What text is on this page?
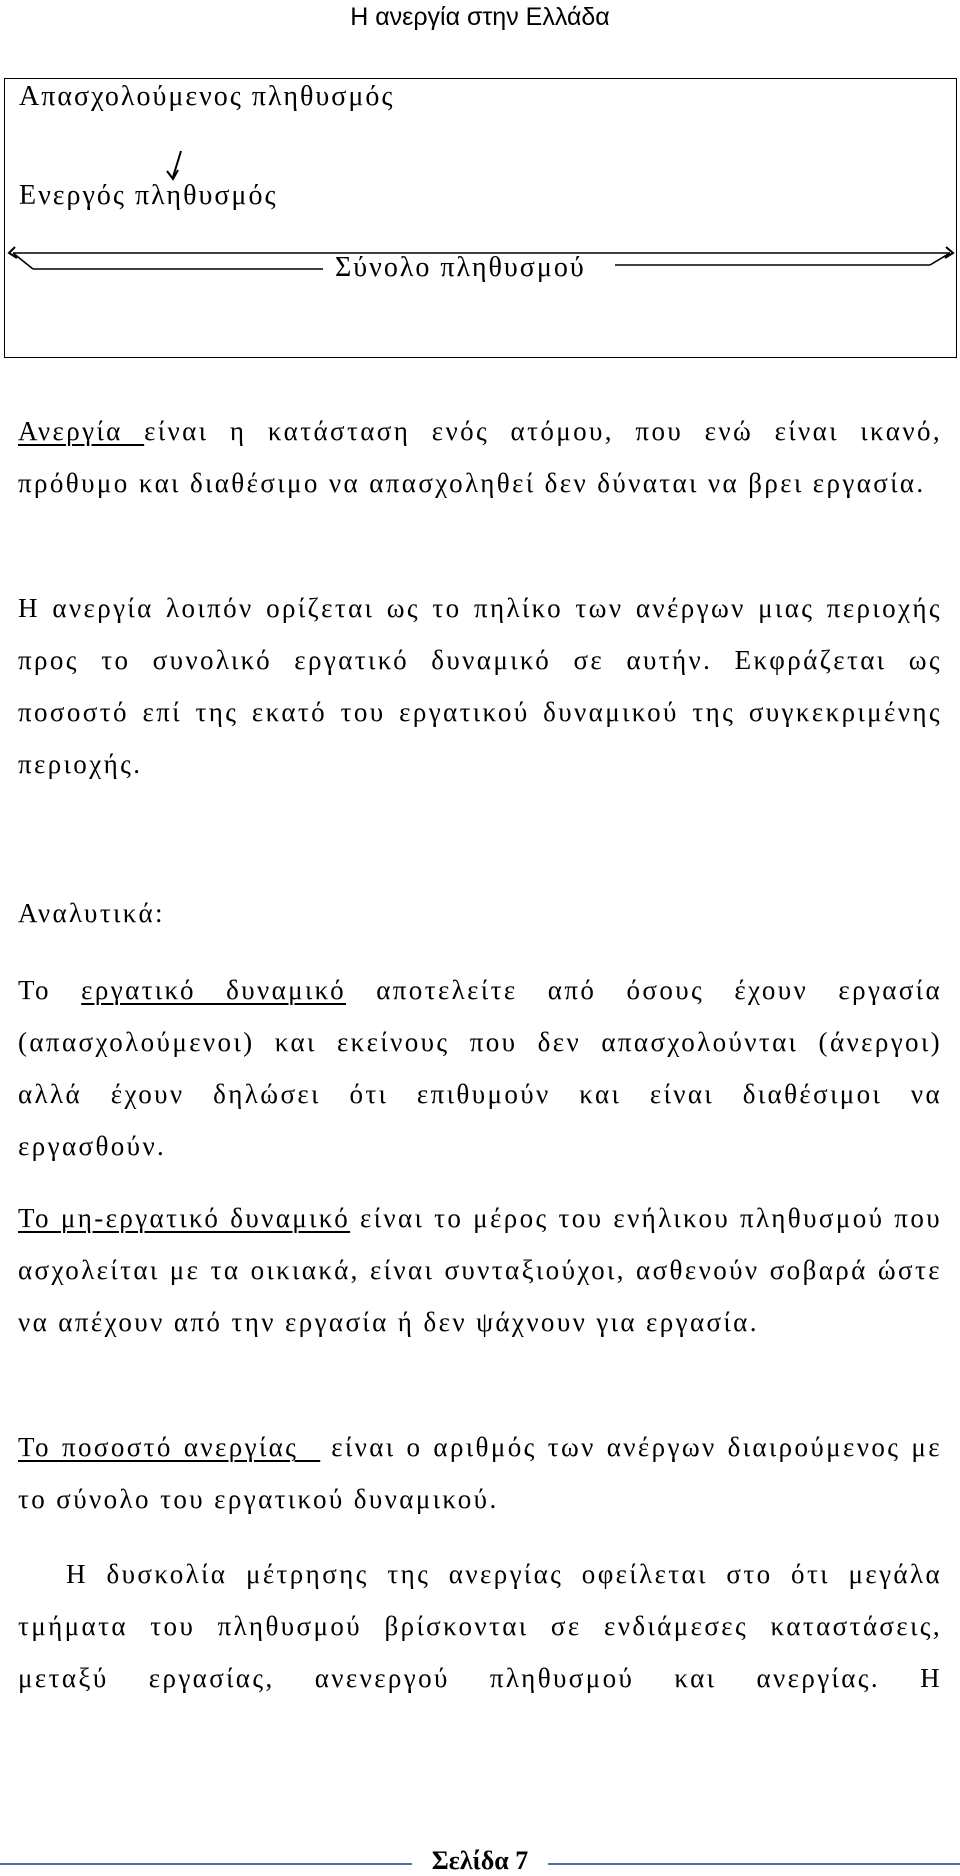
Η ανεργία στην Ελλάδα
Απασχολούμενος πληθυσμός
Ενεργός πληθυσμός
Σύνολο πληθυσμού

Ανεργία είναι η κατάσταση ενός ατόμου, που ενώ είναι ικανό, πρόθυμο και διαθέσιμο να απασχοληθεί δεν δύναται να βρει εργασία.

Η ανεργία λοιπόν ορίζεται ως το πηλίκο των ανέργων μιας περιοχής προς το συνολικό εργατικό δυναμικό σε αυτήν. Εκφράζεται ως ποσοστό επί της εκατό του εργατικού δυναμικού της συγκεκριμένης περιοχής.

Αναλυτικά:

Το εργατικό δυναμικό αποτελείτε από όσους έχουν εργασία (απασχολούμενοι) και εκείνους που δεν απασχολούνται (άνεργοι) αλλά έχουν δηλώσει ότι επιθυμούν και είναι διαθέσιμοι να εργασθούν.

Το μη-εργατικό δυναμικό είναι το μέρος του ενήλικου πληθυσμού που ασχολείται με τα οικιακά, είναι συνταξιούχοι, ασθενούν σοβαρά ώστε να απέχουν από την εργασία ή δεν ψάχνουν για εργασία.

Το ποσοστό ανεργίας   είναι ο αριθμός των ανέργων διαιρούμενος με το σύνολο του εργατικού δυναμικού.

Η δυσκολία μέτρησης της ανεργίας οφείλεται στο ότι μεγάλα τμήματα του πληθυσμού βρίσκονται σε ενδιάμεσες καταστάσεις, μεταξύ εργασίας, ανενεργού πληθυσμού και ανεργίας. Η

Σελίδα 7
